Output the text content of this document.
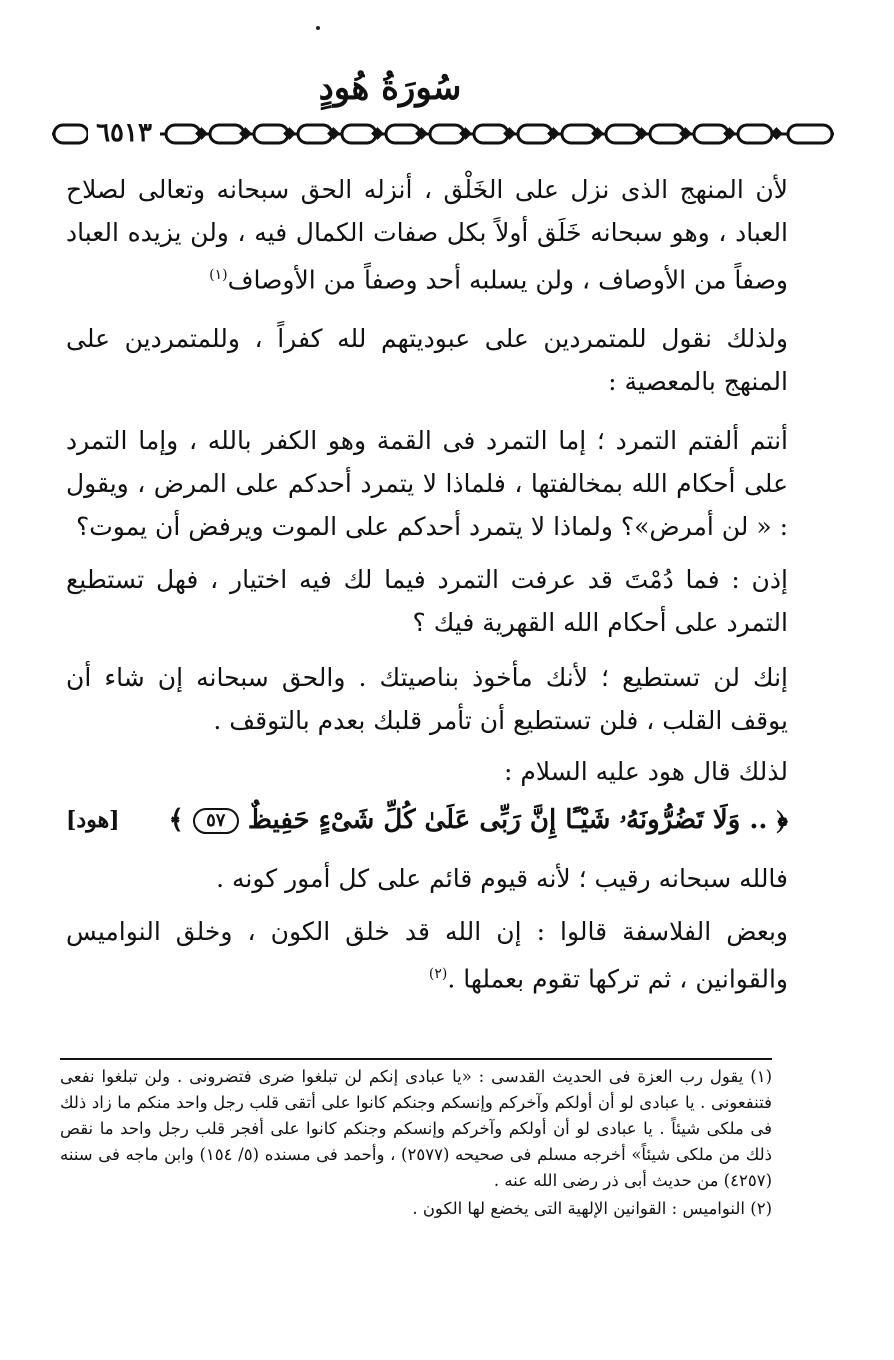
سُورَةُ هُودٍ
٦٥١٣

لأن المنهج الذى نزل على الخَلْق ، أنزله الحق سبحانه وتعالى لصلاح العباد ، وهو سبحانه خَلَق أولاً بكل صفات الكمال فيه ، ولن يزيده العباد وصفاً من الأوصاف ، ولن يسلبه أحد وصفاً من الأوصاف$^{(١)}$

ولذلك نقول للمتمردين على عبوديتهم لله كفراً ، وللمتمردين على المنهج بالمعصية :

أنتم ألفتم التمرد ؛ إما التمرد فى القمة وهو الكفر بالله ، وإما التمرد على أحكام الله بمخالفتها ، فلماذا لا يتمرد أحدكم على المرض ، ويقول : « لن أمرض»؟ ولماذا لا يتمرد أحدكم على الموت ويرفض أن يموت؟

إذن : فما دُمْتَ قد عرفت التمرد فيما لك فيه اختيار ، فهل تستطيع التمرد على أحكام الله القهرية فيك ؟

إنك لن تستطيع ؛ لأنك مأخوذ بناصيتك . والحق سبحانه إن شاء أن يوقف القلب ، فلن تستطيع أن تأمر قلبك بعدم بالتوقف .

لذلك قال هود عليه السلام :

﴿ .. وَلَا تَضُرُّونَهُۥ شَيْـًٔا إِنَّ رَبِّى عَلَىٰ كُلِّ شَىْءٍ حَفِيظٌ ٥٧ ﴾
[هود]

فالله سبحانه رقيب ؛ لأنه قيوم قائم على كل أمور كونه .

وبعض الفلاسفة قالوا : إن الله قد خلق الكون ، وخلق النواميس والقوانين ، ثم تركها تقوم بعملها .$^{(٢)}$

(١) يقول رب العزة فى الحديث القدسى : «يا عبادى إنكم لن تبلغوا ضرى فتضرونى . ولن تبلغوا نفعى فتنفعونى . يا عبادى لو أن أولكم وآخركم وإنسكم وجنكم كانوا على أتقى قلب رجل واحد منكم ما زاد ذلك فى ملكى شيئاً . يا عبادى لو أن أولكم وآخركم وإنسكم وجنكم كانوا على أفجر قلب رجل واحد ما نقص ذلك من ملكى شيئاً» أخرجه مسلم فى صحيحه (٢٥٧٧) ، وأحمد فى مسنده (٥/ ١٥٤) وابن ماجه فى سننه (٤٢٥٧) من حديث أبى ذر رضى الله عنه .

(٢) النواميس : القوانين الإلهية التى يخضع لها الكون .
